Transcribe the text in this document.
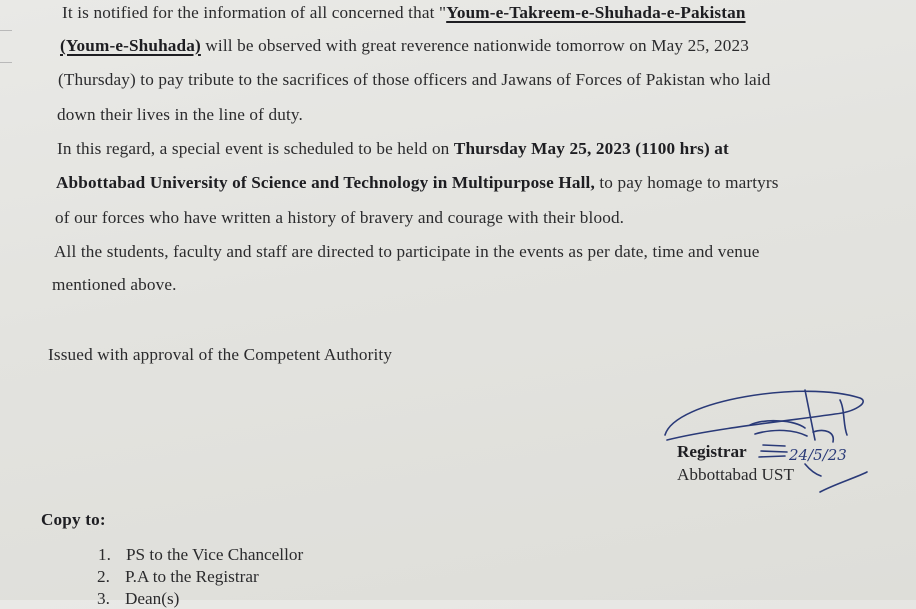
It is notified for the information of all concerned that "Youm-e-Takreem-e-Shuhada-e-Pakistan
(Youm-e-Shuhada) will be observed with great reverence nationwide tomorrow on May 25, 2023
(Thursday) to pay tribute to the sacrifices of those officers and Jawans of Forces of Pakistan who laid
down their lives in the line of duty.
In this regard, a special event is scheduled to be held on Thursday May 25, 2023 (1100 hrs) at
Abbottabad University of Science and Technology in Multipurpose Hall, to pay homage to martyrs
of our forces who have written a history of bravery and courage with their blood.
All the students, faculty and staff are directed to participate in the events as per date, time and venue
mentioned above.
Issued with approval of the Competent Authority
24/5/23
Registrar
Abbottabad UST
Copy to:
1. PS to the Vice Chancellor
2. P.A to the Registrar
3. Dean(s)
